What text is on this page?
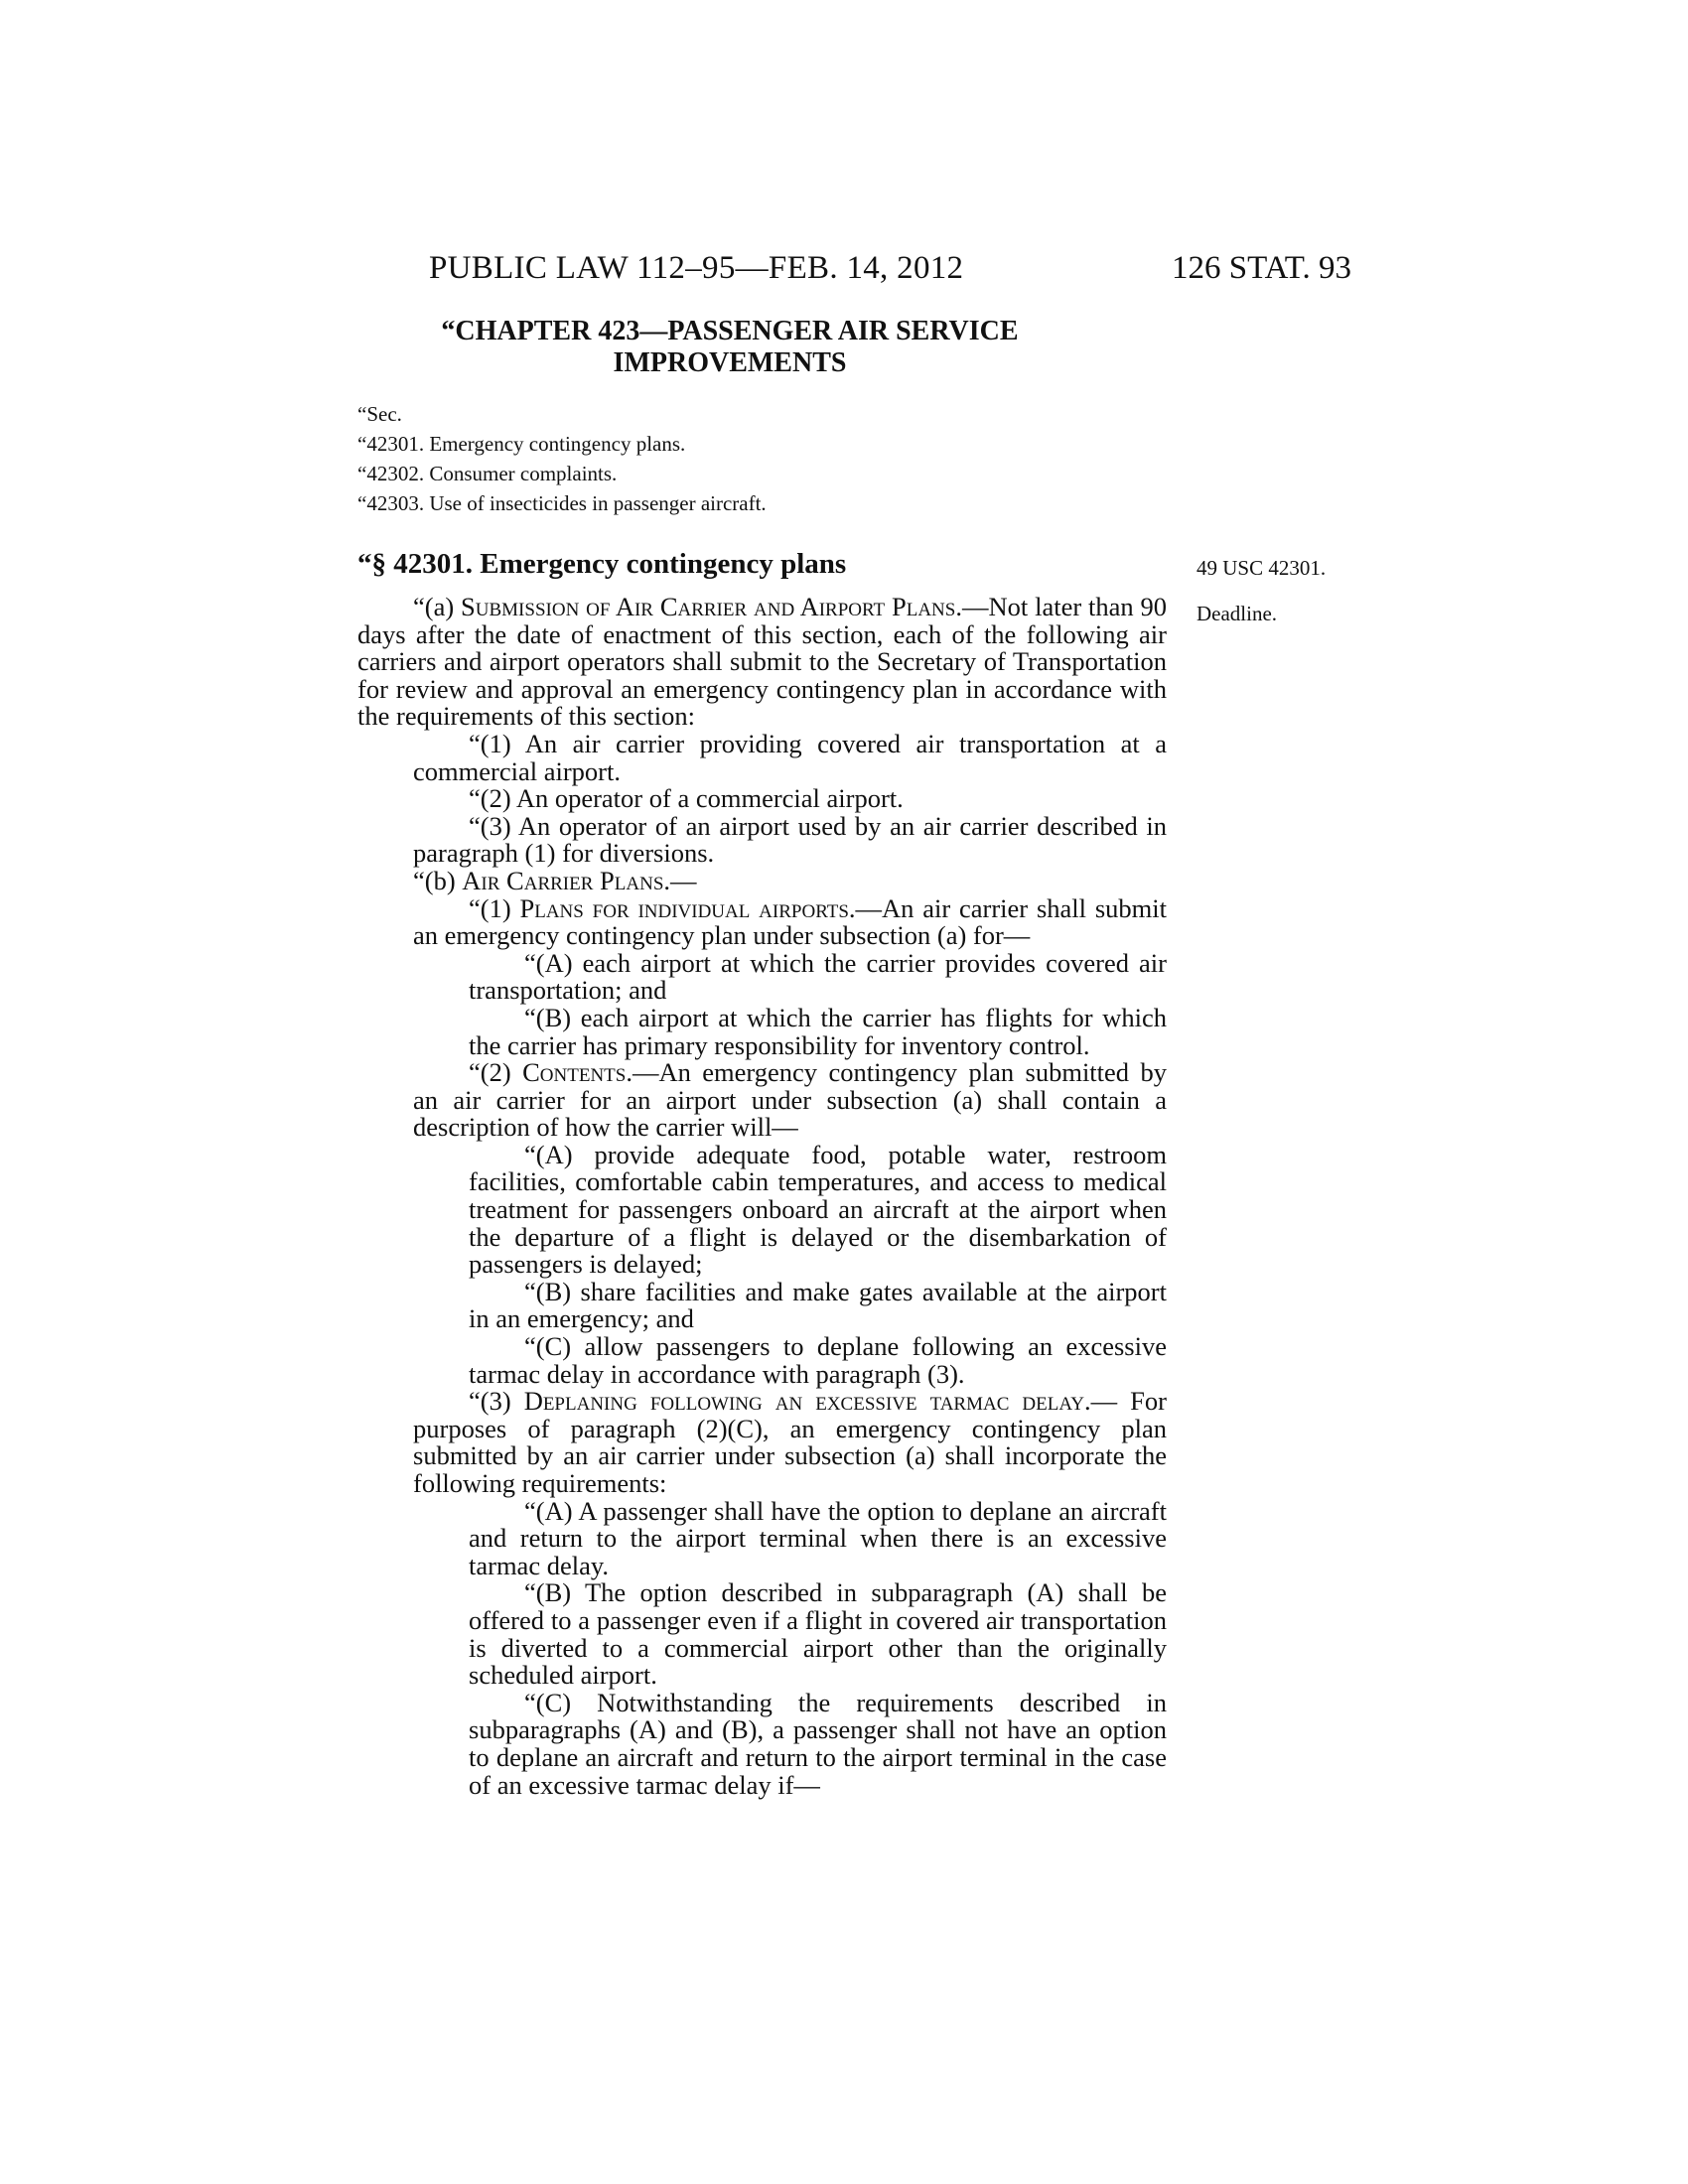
PUBLIC LAW 112–95—FEB. 14, 2012	126 STAT. 93
“CHAPTER 423—PASSENGER AIR SERVICE
IMPROVEMENTS
“Sec.
“42301. Emergency contingency plans.
“42302. Consumer complaints.
“42303. Use of insecticides in passenger aircraft.
“§ 42301. Emergency contingency plans	49 USC 42301.
Deadline.

“(a) Submission of Air Carrier and Airport Plans.—Not later than 90 days after the date of enactment of this section, each of the following air carriers and airport operators shall submit to the Secretary of Transportation for review and approval an emergency contingency plan in accordance with the requirements of this section:

“(1) An air carrier providing covered air transportation at a commercial airport.

“(2) An operator of a commercial airport.

“(3) An operator of an airport used by an air carrier described in paragraph (1) for diversions.

“(b) Air Carrier Plans.—

“(1) Plans for individual airports.—An air carrier shall submit an emergency contingency plan under subsection (a) for—

“(A) each airport at which the carrier provides covered air transportation; and

“(B) each airport at which the carrier has flights for which the carrier has primary responsibility for inventory control.

“(2) Contents.—An emergency contingency plan submitted by an air carrier for an airport under subsection (a) shall contain a description of how the carrier will—

“(A) provide adequate food, potable water, restroom facilities, comfortable cabin temperatures, and access to medical treatment for passengers onboard an aircraft at the airport when the departure of a flight is delayed or the disembarkation of passengers is delayed;

“(B) share facilities and make gates available at the airport in an emergency; and

“(C) allow passengers to deplane following an excessive tarmac delay in accordance with paragraph (3).

“(3) Deplaning following an excessive tarmac delay.— For purposes of paragraph (2)(C), an emergency contingency plan submitted by an air carrier under subsection (a) shall incorporate the following requirements:

“(A) A passenger shall have the option to deplane an aircraft and return to the airport terminal when there is an excessive tarmac delay.

“(B) The option described in subparagraph (A) shall be offered to a passenger even if a flight in covered air transportation is diverted to a commercial airport other than the originally scheduled airport.

“(C) Notwithstanding the requirements described in subparagraphs (A) and (B), a passenger shall not have an option to deplane an aircraft and return to the airport terminal in the case of an excessive tarmac delay if—
